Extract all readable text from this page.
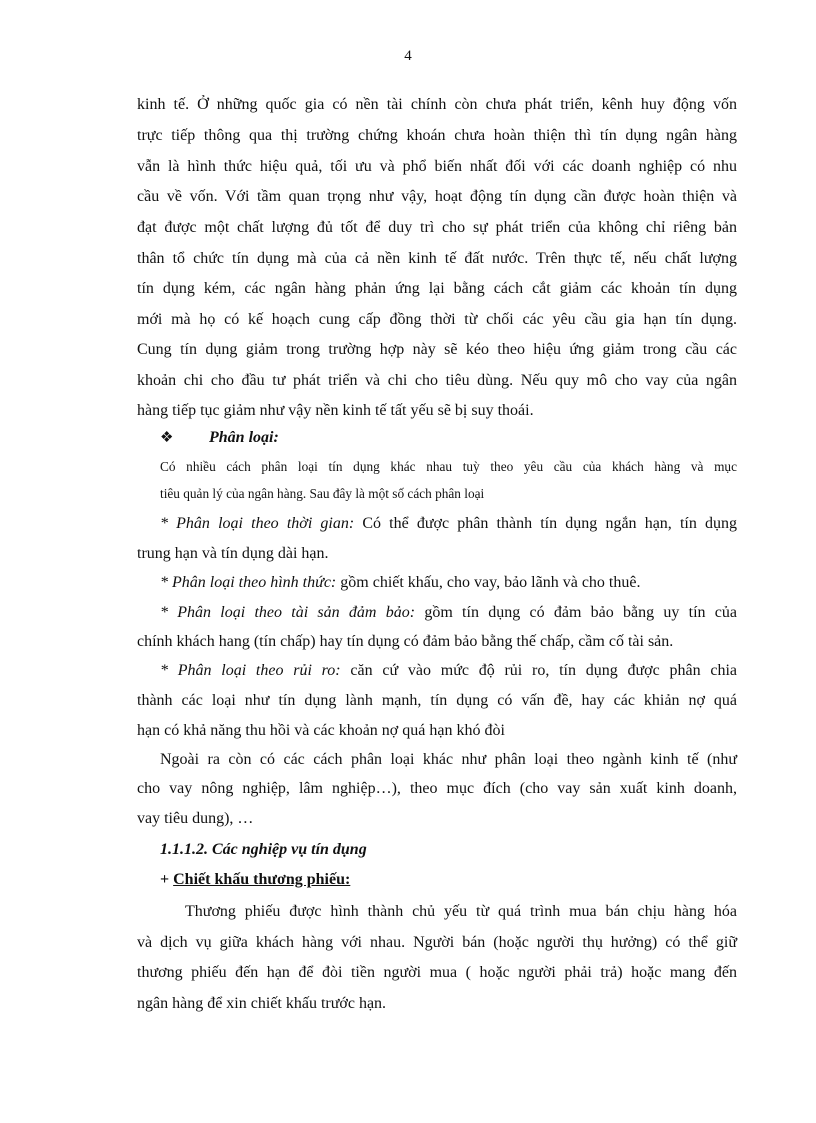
4
kinh tế. Ở những quốc gia có nền tài chính còn chưa phát triển, kênh huy động vốn
trực tiếp thông qua thị trường chứng khoán chưa hoàn thiện thì tín dụng ngân hàng
vẫn là hình thức hiệu quả, tối ưu và phổ biến nhất đối với các doanh nghiệp có nhu
cầu về vốn. Với tầm quan trọng như vậy, hoạt động tín dụng cần được hoàn thiện và
đạt được một chất lượng đủ tốt để duy trì cho sự phát triển của không chỉ riêng bản
thân tổ chức tín dụng mà của cả nền kinh tế đất nước. Trên thực tế, nếu chất lượng
tín dụng kém, các ngân hàng phản ứng lại bằng cách cắt giảm các khoản tín dụng
mới mà họ có kế hoạch cung cấp đồng thời từ chối các yêu cầu gia hạn tín dụng.
Cung tín dụng giảm trong trường hợp này sẽ kéo theo hiệu ứng giảm trong cầu các
khoản chi cho đầu tư phát triển và chi cho tiêu dùng. Nếu quy mô cho vay của ngân
hàng tiếp tục giảm như vậy nền kinh tế tất yếu sẽ bị suy thoái.
❖ Phân loại:
Có nhiều cách phân loại tín dụng khác nhau tuỳ theo yêu cầu của khách hàng và mục
tiêu quản lý của ngân hàng. Sau đây là một số cách phân loại
* Phân loại theo thời gian: Có thể được phân thành tín dụng ngắn hạn, tín dụng
trung hạn và tín dụng dài hạn.
* Phân loại theo hình thức: gồm chiết khấu, cho vay, bảo lãnh và cho thuê.
* Phân loại theo tài sản đảm bảo: gồm tín dụng có đảm bảo bằng uy tín của
chính khách hang (tín chấp) hay tín dụng có đảm bảo bằng thế chấp, cầm cố tài sản.
* Phân loại theo rủi ro: căn cứ vào mức độ rủi ro, tín dụng được phân chia
thành các loại như tín dụng lành mạnh, tín dụng có vấn đề, hay các khiản nợ quá
hạn có khả năng thu hồi và các khoản nợ quá hạn khó đòi
Ngoài ra còn có các cách phân loại khác như phân loại theo ngành kinh tế (như
cho vay nông nghiệp, lâm nghiệp…), theo mục đích (cho vay sản xuất kinh doanh,
vay tiêu dung), …
1.1.1.2. Các nghiệp vụ tín dụng
+ Chiết khấu thương phiếu:
Thương phiếu được hình thành chủ yếu từ quá trình mua bán chịu hàng hóa
và dịch vụ giữa khách hàng với nhau. Người bán (hoặc người thụ hưởng) có thể giữ
thương phiếu đến hạn để đòi tiền người mua ( hoặc người phải trả) hoặc mang đến
ngân hàng để xin chiết khấu trước hạn.
